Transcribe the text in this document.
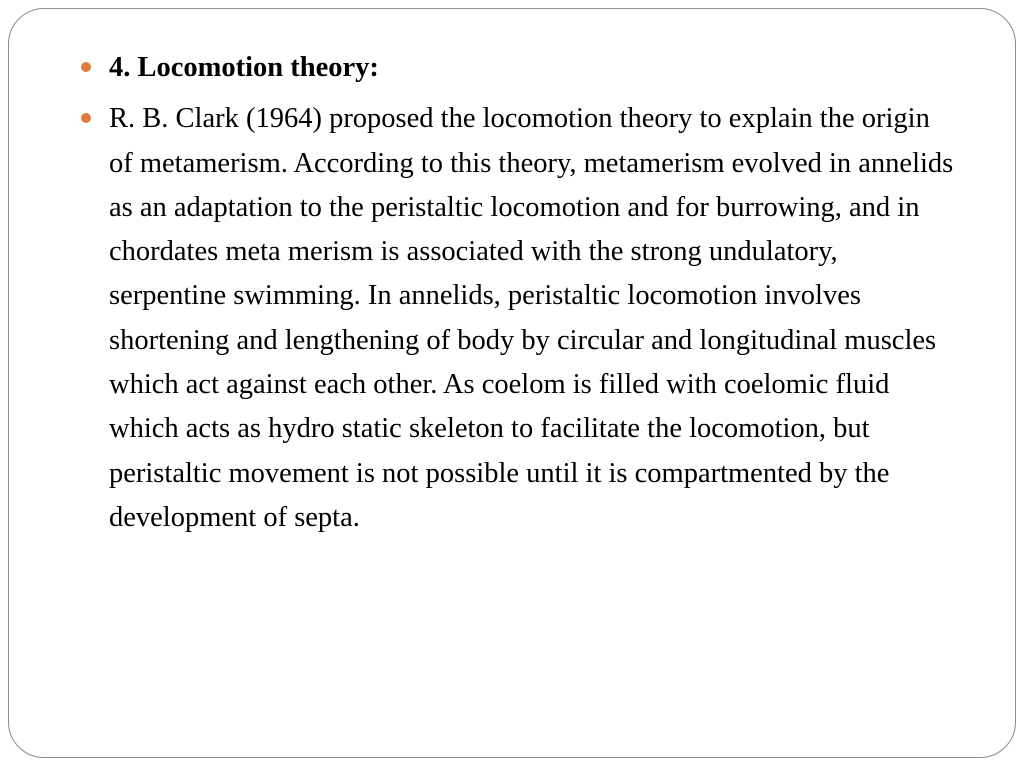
4. Locomotion theory:
R. B. Clark (1964) proposed the locomotion theory to explain the origin of metamerism. According to this theory, metamerism evolved in annelids as an adaptation to the peristaltic locomotion and for burrowing, and in chordates meta merism is associated with the strong undulatory, serpentine swimming. In annelids, peristaltic locomotion involves shortening and lengthening of body by circular and longitudinal muscles which act against each other. As coelom is filled with coelomic fluid which acts as hydro static skeleton to facilitate the locomotion, but peristaltic movement is not possible until it is compartmented by the development of septa.
